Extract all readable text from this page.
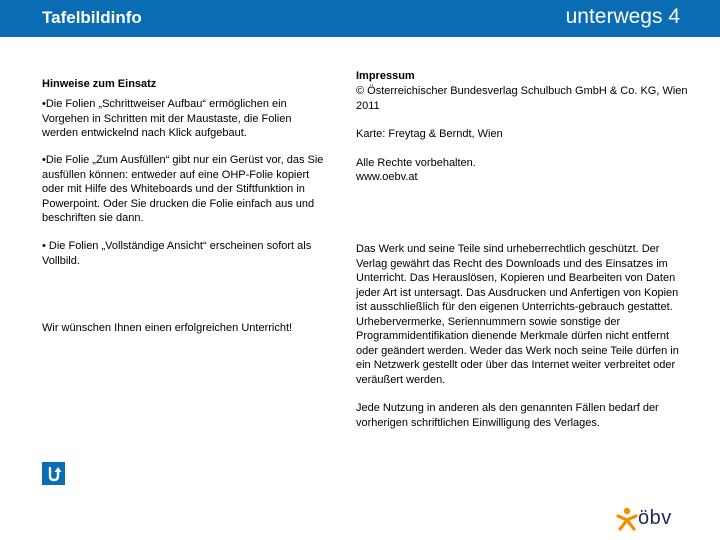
Tafelbildinfo	unterwegs 4
Hinweise zum Einsatz
•Die Folien „Schrittweiser Aufbau“ ermöglichen ein Vorgehen in Schritten mit der Maustaste, die Folien werden entwickelnd nach Klick aufgebaut.
•Die Folie „Zum Ausfüllen“ gibt nur ein Gerüst vor, das Sie ausfüllen können: entweder auf eine OHP-Folie kopiert oder mit Hilfe des Whiteboards und der Stiftfunktion in Powerpoint. Oder Sie drucken die Folie einfach aus und beschriften sie dann.
• Die Folien „Vollständige Ansicht“ erscheinen sofort als Vollbild.
Wir wünschen Ihnen einen erfolgreichen Unterricht!
Impressum
© Österreichischer Bundesverlag Schulbuch GmbH & Co. KG, Wien 2011
Karte: Freytag & Berndt, Wien
Alle Rechte vorbehalten.
www.oebv.at
Das Werk und seine Teile sind urheberrechtlich geschützt. Der Verlag gewährt das Recht des Downloads und des Einsatzes im Unterricht. Das Herauslösen, Kopieren und Bearbeiten von Daten jeder Art ist untersagt. Das Ausdrucken und Anfertigen von Kopien ist ausschließlich für den eigenen Unterrichts-gebrauch gestattet. Urhebervermerke, Seriennummern sowie sonstige der Programmidentifikation dienende Merkmale dürfen nicht entfernt oder geändert werden. Weder das Werk noch seine Teile dürfen in ein Netzwerk gestellt oder über das Internet weiter verbreitet oder veräußert werden.
Jede Nutzung in anderen als den genannten Fällen bedarf der vorherigen schriftlichen Einwilligung des Verlages.
öbv
